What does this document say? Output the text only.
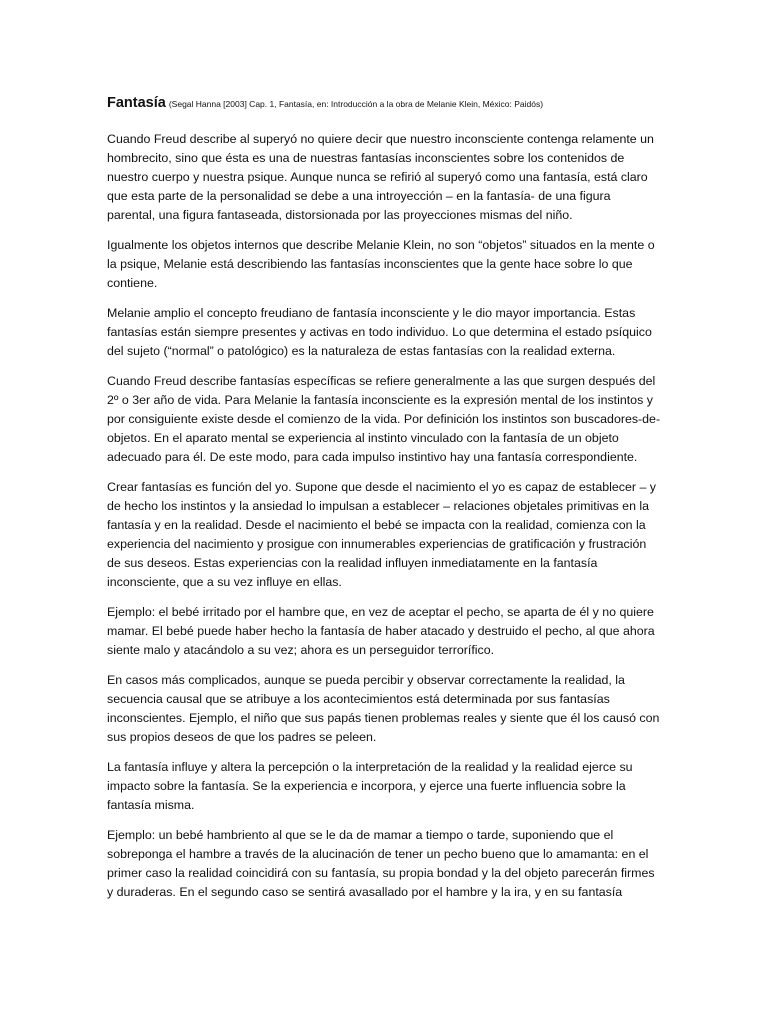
Fantasía (Segal Hanna [2003] Cap. 1, Fantasía, en: Introducción a la obra de Melanie Klein, México: Paidós)

Cuando Freud describe al superyó no quiere decir que nuestro inconsciente contenga relamente un hombrecito, sino que ésta es una de nuestras fantasías inconscientes sobre los contenidos de nuestro cuerpo y nuestra psique. Aunque nunca se refirió al superyó como una fantasía, está claro que esta parte de la personalidad se debe a una introyección – en la fantasía- de una figura parental, una figura fantaseada, distorsionada por las proyecciones mismas del niño.

Igualmente los objetos internos que describe Melanie Klein, no son “objetos” situados en la mente o la psique, Melanie está describiendo las fantasías inconscientes que la gente hace sobre lo que contiene.

Melanie amplio el concepto freudiano de fantasía inconsciente y le dio mayor importancia. Estas fantasías están siempre presentes y activas en todo individuo. Lo que determina el estado psíquico del sujeto (“normal” o patológico) es la naturaleza de estas fantasías con la realidad externa.

Cuando Freud describe fantasías específicas se refiere generalmente a las que surgen después del 2º o 3er año de vida. Para Melanie la fantasía inconsciente es la expresión mental de los instintos y por consiguiente existe desde el comienzo de la vida. Por definición los instintos son buscadores-de-objetos. En el aparato mental se experiencia al instinto vinculado con la fantasía de un objeto adecuado para él. De este modo, para cada impulso instintivo hay una fantasía correspondiente.

Crear fantasías es función del yo. Supone que desde el nacimiento el yo es capaz de establecer – y de hecho los instintos y la ansiedad lo impulsan a establecer – relaciones objetales primitivas en la fantasía y en la realidad. Desde el nacimiento el bebé se impacta con la realidad, comienza con la experiencia del nacimiento y prosigue con innumerables experiencias de gratificación y frustración de sus deseos. Estas experiencias con la realidad influyen inmediatamente en la fantasía inconsciente, que a su vez influye en ellas.

Ejemplo: el bebé irritado por el hambre que, en vez de aceptar el pecho, se aparta de él y no quiere mamar. El bebé puede haber hecho la fantasía de haber atacado y destruido el pecho, al que ahora siente malo y atacándolo a su vez; ahora es un perseguidor terrorífico.

En casos más complicados, aunque se pueda percibir y observar correctamente la realidad, la secuencia causal que se atribuye a los acontecimientos está determinada por sus fantasías inconscientes. Ejemplo, el niño que sus papás tienen problemas reales y siente que él los causó con sus propios deseos de que los padres se peleen.

La fantasía influye y altera la percepción o la interpretación de la realidad y la realidad ejerce su impacto sobre la fantasía. Se la experiencia e incorpora, y ejerce una fuerte influencia sobre la fantasía misma.

Ejemplo: un bebé hambriento al que se le da de mamar a tiempo o tarde, suponiendo que el sobreponga el hambre a través de la alucinación de tener un pecho bueno que lo amamanta: en el primer caso la realidad coincidirá con su fantasía, su propia bondad y la del objeto parecerán firmes y duraderas. En el segundo caso se sentirá avasallado por el hambre y la ira, y en su fantasía
